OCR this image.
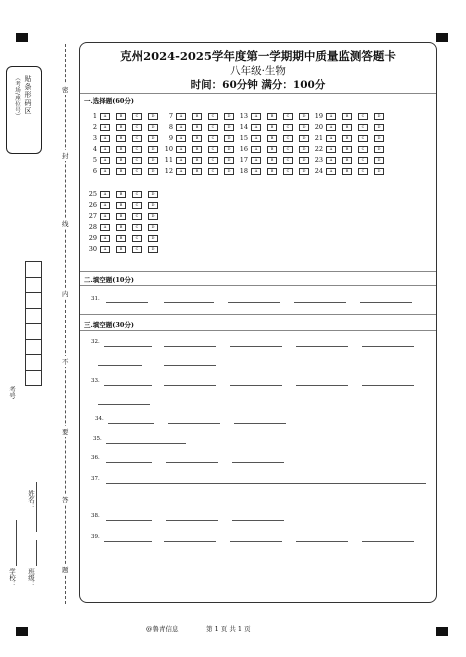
贴条形码区
（考场/座位号）
考号
姓名：
学校： 班级：
密
封
线
内
不
要
答
题
克州2024-2025学年度第一学期期中质量监测答题卡
八年级·生物
时间：60分钟 满分：100分
一.选择题(60分)
1 A	B	C	D
2 A	B	C	D
3 A	B	C	D
4 A	B	C	D
5 A	B	C	D
6 A	B	C	D
7 A	B	C	D
8 A	B	C	D
9 A	B	C	D
10 A	B	C	D
11 A	B	C	D
12 A	B	C	D
13 A	B	C	D
14 A	B	C	D
15 A	B	C	D
16 A	B	C	D
17 A	B	C	D
18 A	B	C	D
19 A	B	C	D
20 A	B	C	D
21 A	B	C	D
22 A	B	C	D
23 A	B	C	D
24 A	B	C	D
25 A	B	C	D
26 A	B	C	D
27 A	B	C	D
28 A	B	C	D
29 A	B	C	D
30 A	B	C	D
二.填空题(10分)
31.
三.填空题(30分)
32.
33.
34.
35.
36.
37.
38.
39.
@鲁青信息	第 1 页 共 1 页
